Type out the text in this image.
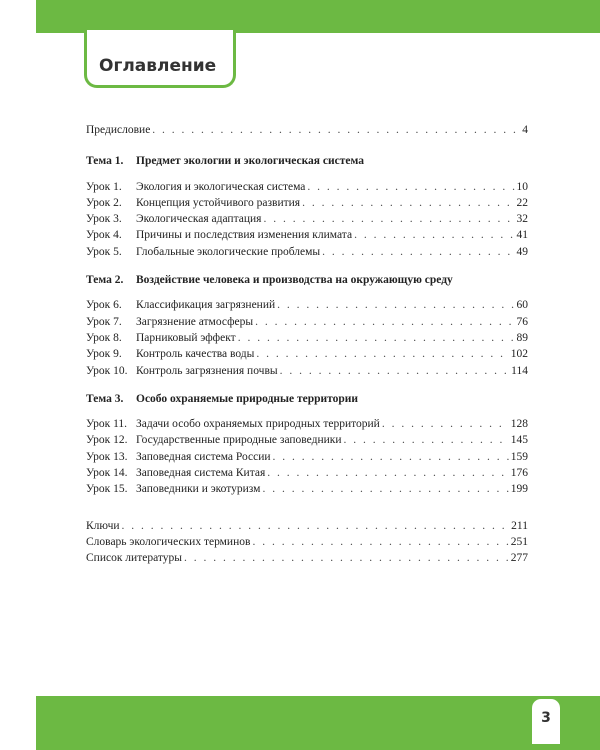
Оглавление
Предисловие . . .	4
Тема 1.	Предмет экологии и экологическая система
Урок 1.	Экология и экологическая система . . .	10
Урок 2.	Концепция устойчивого развития . . .	22
Урок 3.	Экологическая адаптация . . .	32
Урок 4.	Причины и последствия изменения климата . . .	41
Урок 5.	Глобальные экологические проблемы . . .	49
Тема 2.	Воздействие человека и производства на окружающую среду
Урок 6.	Классификация загрязнений . . .	60
Урок 7.	Загрязнение атмосферы . . .	76
Урок 8.	Парниковый эффект . . .	89
Урок 9.	Контроль качества воды . . .	102
Урок 10. Контроль загрязнения почвы . . .	114
Тема 3.	Особо охраняемые природные территории
Урок 11. Задачи особо охраняемых природных территорий . . .	128
Урок 12. Государственные природные заповедники . . .	145
Урок 13. Заповедная система России . . .	159
Урок 14. Заповедная система Китая . . .	176
Урок 15. Заповедники и экотуризм . . .	199
Ключи . . .	211
Словарь экологических терминов . . .	251
Список литературы . . .	277
3
